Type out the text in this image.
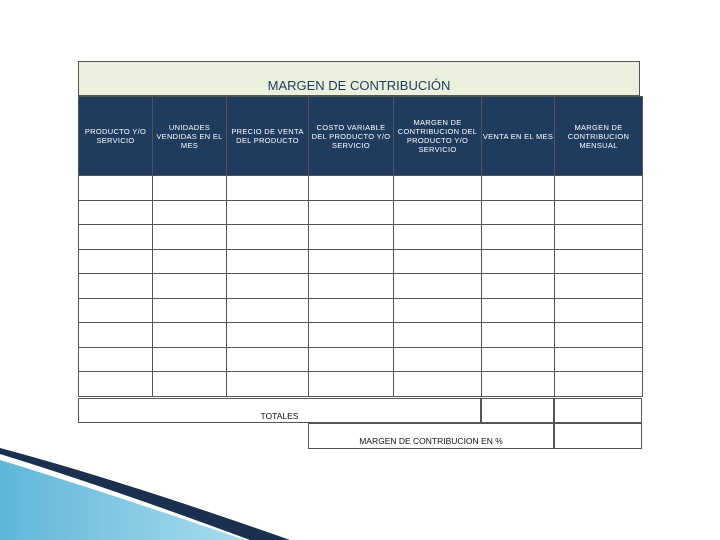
MARGEN DE CONTRIBUCIÓN
PRODUCTO Y/O SERVICIO	UNIDADES VENDIDAS EN EL MES	PRECIO DE VENTA DEL PRODUCTO	COSTO VARIABLE DEL PRODUCTO Y/O SERVICIO	MARGEN DE CONTRIBUCION DEL PRODUCTO Y/O SERVICIO	VENTA EN EL MES	MARGEN DE CONTRIBUCION MENSUAL

TOTALES
MARGEN DE CONTRIBUCION EN %
